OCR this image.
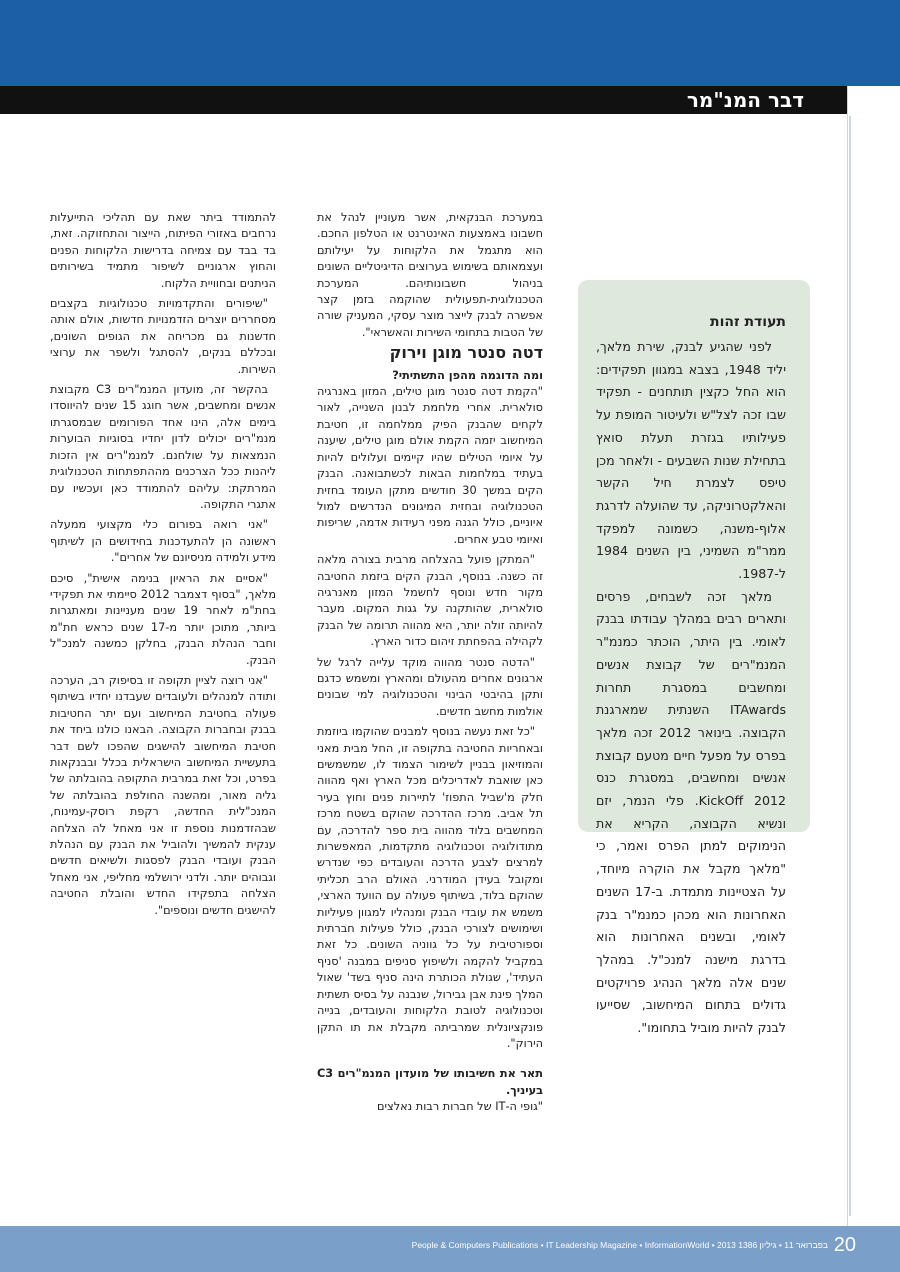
דבר המנ"מר

להתמודד ביתר שאת עם תהליכי התייעלות נרחבים באזורי הפיתוח, הייצור והתחזוקה. זאת, בד בבד עם צמיחה בדרישות הלקוחות הפנים והחוץ ארגוניים לשיפור מתמיד בשירותים הניתנים ובחוויית הלקוח.

"שיפורים והתקדמויות טכנולוגיות בקצבים מסחררים יוצרים הזדמנויות חדשות, אולם אותה חדשנות גם מכריחה את הגופים השונים, ובכללם בנקים, להסתגל ולשפר את ערוצי השירות.

בהקשר זה, מועדון המנמ"רים C3 מקבוצת אנשים ומחשבים, אשר חוגג 15 שנים להיווסדו בימים אלה, הינו אחד הפורומים שבמסגרתו מנמ"רים יכולים לדון יחדיו בסוגיות הבוערות הנמצאות על שולחנם. למנמ"רים אין הזכות ליהנות ככל הצרכנים מההתפתחות הטכנולוגית המרתקת: עליהם להתמודד כאן ועכשיו עם אתגרי התקופה.

"אני רואה בפורום כלי מקצועי ממעלה ראשונה הן להתעדכנות בחידושים הן לשיתוף מידע ולמידה מניסיונם של אחרים".

"אסיים את הראיון בנימה אישית", סיכם מלאך, "בסוף דצמבר 2012 סיימתי את תפקידי בחת"מ לאחר 19 שנים מעניינות ומאתגרות ביותר, מתוכן יותר מ-17 שנים כראש חת"מ וחבר הנהלת הבנק, בחלקן כמשנה למנכ"ל הבנק.

"אני רוצה לציין תקופה זו בסיפוק רב, הערכה ותודה למנהלים ולעובדים שעבדנו יחדיו בשיתוף פעולה בחטיבת המיחשוב ועם יתר החטיבות בבנק ובחברות הקבוצה. הבאנו כולנו ביחד את חטיבת המיחשוב להישגים שהפכו לשם דבר בתעשיית המיחשוב הישראלית בכלל ובבנקאות בפרט, וכל זאת במרבית התקופה בהובלתה של גליה מאור, ומהשנה החולפת בהובלתה של המנכ"לית החדשה, רקפת רוסק-עמינוח, שבהזדמנות נוספת זו אני מאחל לה הצלחה ענקית להמשיך ולהוביל את הבנק עם הנהלת הבנק ועובדי הבנק לפסגות ולשיאים חדשים וגבוהים יותר. ולדני ירושלמי מחליפי, אני מאחל הצלחה בתפקידו החדש והובלת החטיבה להישגים חדשים ונוספים".

במערכת הבנקאית, אשר מעוניין לנהל את חשבונו באמצעות האינטרנט או הטלפון החכם. הוא מתגמל את הלקוחות על יעילותם ועצמאותם בשימוש בערוצים הדיגיטליים השונים בניהול חשבונותיהם. המערכת הטכנולוגית-תפעולית שהוקמה בזמן קצר אפשרה לבנק לייצר מוצר עסקי, המעניק שורה של הטבות בתחומי השירות והאשראי".

דטה סנטר מוגן וירוק

ומה הדוגמה מהפן התשתיתי?

"הקמת דטה סנטר מוגן טילים, המזון באנרגיה סולארית. אחרי מלחמת לבנון השנייה, לאור לקחים שהבנק הפיק ממלחמה זו, חטיבת המיחשוב יזמה הקמת אולם מוגן טילים, שיענה על איומי הטילים שהיו קיימים ועלולים להיות בעתיד במלחמות הבאות לכשתבואנה. הבנק הקים במשך 30 חודשים מתקן העומד בחזית הטכנולוגיה ובחזית המיגונים הנדרשים למול איוניים, כולל הגנה מפני רעידות אדמה, שריפות ואיומי טבע אחרים.

"המתקן פועל בהצלחה מרבית בצורה מלאה זה כשנה. בנוסף, הבנק הקים ביזמת החטיבה מקור חדש ונוסף לחשמל המזון מאנרגיה סולארית, שהותקנה על גגות המקום. מעבר להיותה זולה יותר, היא מהווה תרומה של הבנק לקהילה בהפחתת זיהום כדור הארץ.

"הדטה סנטר מהווה מוקד עלייה לרגל של ארגונים אחרים מהעולם ומהארץ ומשמש כדגם ותקן בהיבטי הבינוי והטכנולוגיה למי שבונים אולמות מחשב חדשים.

"כל זאת נעשה בנוסף למבנים שהוקמו ביוזמת ובאחריות החטיבה בתקופה זו, החל מבית מאני והמוזיאון בבניין לשימור הצמוד לו, שמשמשים כאן שואבת לאדריכלים מכל הארץ ואף מהווה חלק מ'שביל התפוז' לתיירות פנים וחוץ בעיר תל אביב. מרכז ההדרכה שהוקם בשטח מרכז המחשבים בלוד מהווה בית ספר להדרכה, עם מתודולוגיה וטכנולוגיה מתקדמות, המאפשרות למרצים לצבע הדרכה והעובדים כפי שנדרש ומקובל בעידן המודרני. האולם הרב תכליתי שהוקם בלוד, בשיתוף פעולה עם הוועד הארצי, משמש את עובדי הבנק ומנהליו למגוון פעיליות ושימושים לצורכי הבנק, כולל פעילות חברתית וספורטיבית על כל גווניה השונים. כל זאת במקביל להקמה ולשיפוץ סניפים במבנה 'סניף העתיד', שגולת הכותרת הינה סניף בשד' שאול המלך פינת אבן גבירול, שנבנה על בסיס תשתית וטכנולוגיה לטובת הלקוחות והעובדים, בנייה פונקציונלית שמרביתה מקבלת את תו התקן הירוק".

תאר את חשיבותו של מועדון המנמ"רים C3 בעיניך.

"גופי ה-IT של חברות רבות נאלצים

תעודת זהות

לפני שהגיע לבנק, שירת מלאך, יליד 1948, בצבא במגוון תפקידים: הוא החל כקצין תותחנים - תפקיד שבו זכה לצל"ש ולעיטור המופת על פעילותיו בגזרת תעלת סואץ בתחילת שנות השבעים - ולאחר מכן טיפס לצמרת חיל הקשר והאלקטרוניקה, עד שהועלה לדרגת אלוף-משנה, כשמונה למפקד ממר"מ השמיני, בין השנים 1984 ל-1987.

מלאך זכה לשבחים, פרסים ותארים רבים במהלך עבודתו בבנק לאומי. בין היתר, הוכתר כמנמ"ר המנמ"רים של קבוצת אנשים ומחשבים במסגרת תחרות ITAwards השנתית שמארגנת הקבוצה. בינואר 2012 זכה מלאך בפרס על מפעל חיים מטעם קבוצת אנשים ומחשבים, במסגרת כנס KickOff 2012. פלי הנמר, יזם ונשיא הקבוצה, הקריא את הנימוקים למתן הפרס ואמר, כי "מלאך מקבל את הוקרה מיוחד, על הצטיינות מתמדת. ב-17 השנים האחרונות הוא מכהן כמנמ"ר בנק לאומי, ובשנים האחרונות הוא בדרגת מישנה למנכ"ל. במהלך שנים אלה מלאך הנהיג פרויקטים גדולים בתחום המיחשוב, שסייעו לבנק להיות מוביל בתחומו".

20
People & Computers Publications • IT Leadership Magazine • InformationWorld • 2013 בפברואר 11 • גיליון 1386
